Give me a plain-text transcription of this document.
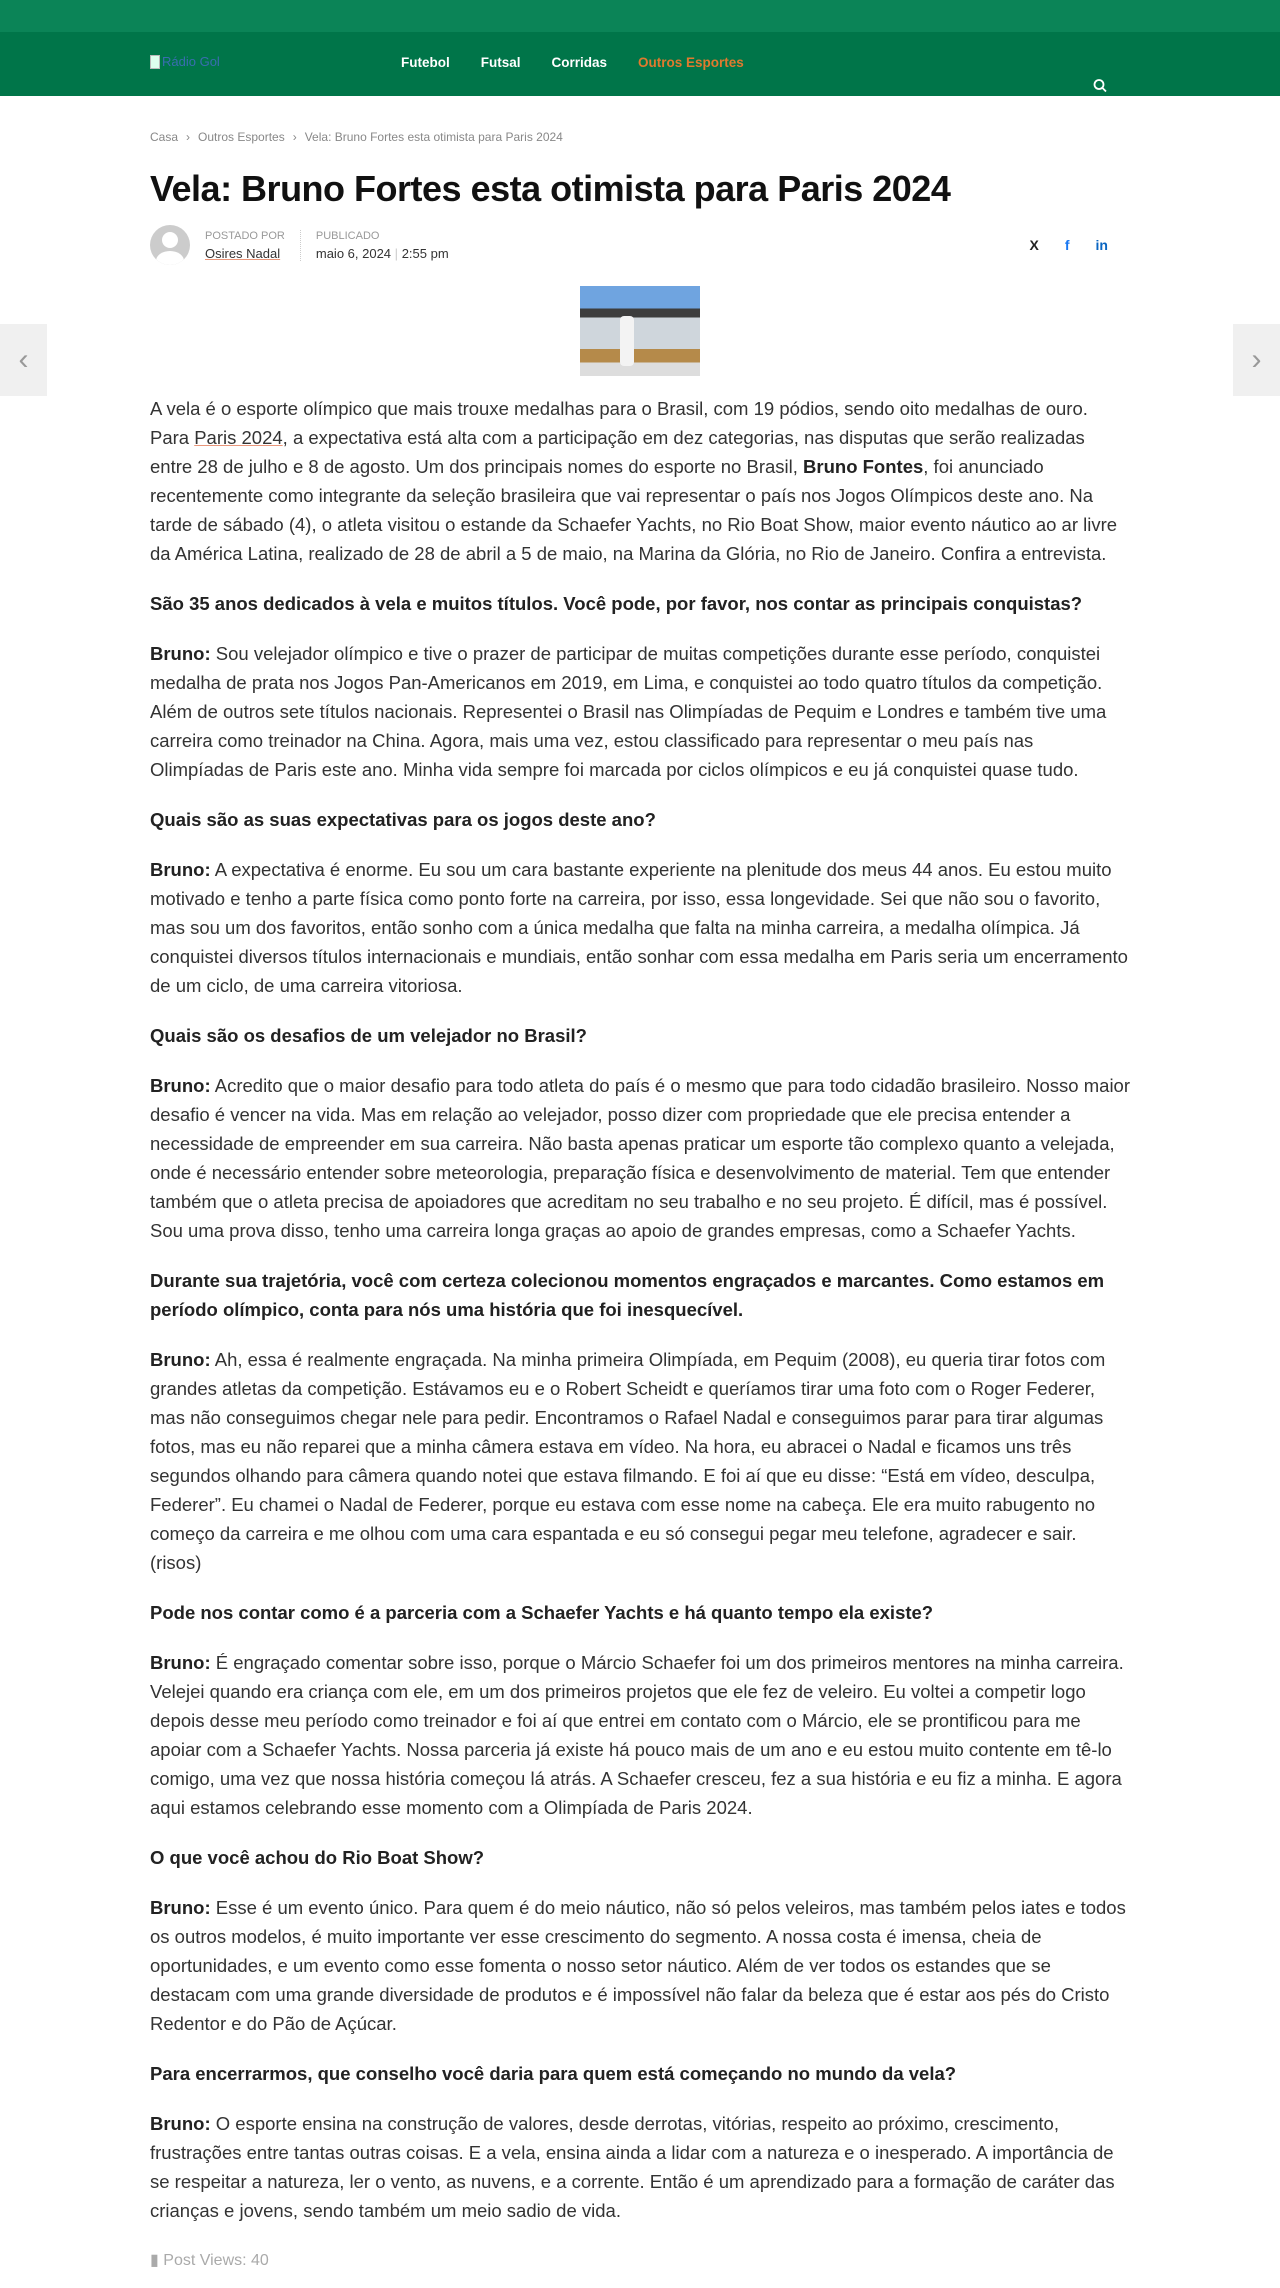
Rádio Gol	Futebol Futsal Corridas Outros Esportes
Casa › Outros Esportes › Vela: Bruno Fortes esta otimista para Paris 2024
Vela: Bruno Fortes esta otimista para Paris 2024
POSTADO POR
Osires Nadal
PUBLICADO
maio 6, 2024 | 2:55 pm	X f in
‹	›

A vela é o esporte olímpico que mais trouxe medalhas para o Brasil, com 19 pódios, sendo oito medalhas de ouro. Para Paris 2024, a expectativa está alta com a participação em dez categorias, nas disputas que serão realizadas entre 28 de julho e 8 de agosto. Um dos principais nomes do esporte no Brasil, Bruno Fontes, foi anunciado recentemente como integrante da seleção brasileira que vai representar o país nos Jogos Olímpicos deste ano. Na tarde de sábado (4), o atleta visitou o estande da Schaefer Yachts, no Rio Boat Show, maior evento náutico ao ar livre da América Latina, realizado de 28 de abril a 5 de maio, na Marina da Glória, no Rio de Janeiro. Confira a entrevista.

São 35 anos dedicados à vela e muitos títulos. Você pode, por favor, nos contar as principais conquistas?

Bruno: Sou velejador olímpico e tive o prazer de participar de muitas competições durante esse período, conquistei medalha de prata nos Jogos Pan-Americanos em 2019, em Lima, e conquistei ao todo quatro títulos da competição. Além de outros sete títulos nacionais. Representei o Brasil nas Olimpíadas de Pequim e Londres e também tive uma carreira como treinador na China. Agora, mais uma vez, estou classificado para representar o meu país nas Olimpíadas de Paris este ano. Minha vida sempre foi marcada por ciclos olímpicos e eu já conquistei quase tudo.

Quais são as suas expectativas para os jogos deste ano?

Bruno: A expectativa é enorme. Eu sou um cara bastante experiente na plenitude dos meus 44 anos. Eu estou muito motivado e tenho a parte física como ponto forte na carreira, por isso, essa longevidade. Sei que não sou o favorito, mas sou um dos favoritos, então sonho com a única medalha que falta na minha carreira, a medalha olímpica. Já conquistei diversos títulos internacionais e mundiais, então sonhar com essa medalha em Paris seria um encerramento de um ciclo, de uma carreira vitoriosa.

Quais são os desafios de um velejador no Brasil?

Bruno: Acredito que o maior desafio para todo atleta do país é o mesmo que para todo cidadão brasileiro. Nosso maior desafio é vencer na vida. Mas em relação ao velejador, posso dizer com propriedade que ele precisa entender a necessidade de empreender em sua carreira. Não basta apenas praticar um esporte tão complexo quanto a velejada, onde é necessário entender sobre meteorologia, preparação física e desenvolvimento de material. Tem que entender também que o atleta precisa de apoiadores que acreditam no seu trabalho e no seu projeto. É difícil, mas é possível. Sou uma prova disso, tenho uma carreira longa graças ao apoio de grandes empresas, como a Schaefer Yachts.

Durante sua trajetória, você com certeza colecionou momentos engraçados e marcantes. Como estamos em período olímpico, conta para nós uma história que foi inesquecível.

Bruno: Ah, essa é realmente engraçada. Na minha primeira Olimpíada, em Pequim (2008), eu queria tirar fotos com grandes atletas da competição. Estávamos eu e o Robert Scheidt e queríamos tirar uma foto com o Roger Federer, mas não conseguimos chegar nele para pedir. Encontramos o Rafael Nadal e conseguimos parar para tirar algumas fotos, mas eu não reparei que a minha câmera estava em vídeo. Na hora, eu abracei o Nadal e ficamos uns três segundos olhando para câmera quando notei que estava filmando. E foi aí que eu disse: “Está em vídeo, desculpa, Federer”. Eu chamei o Nadal de Federer, porque eu estava com esse nome na cabeça. Ele era muito rabugento no começo da carreira e me olhou com uma cara espantada e eu só consegui pegar meu telefone, agradecer e sair. (risos)

Pode nos contar como é a parceria com a Schaefer Yachts e há quanto tempo ela existe?

Bruno: É engraçado comentar sobre isso, porque o Márcio Schaefer foi um dos primeiros mentores na minha carreira. Velejei quando era criança com ele, em um dos primeiros projetos que ele fez de veleiro. Eu voltei a competir logo depois desse meu período como treinador e foi aí que entrei em contato com o Márcio, ele se prontificou para me apoiar com a Schaefer Yachts. Nossa parceria já existe há pouco mais de um ano e eu estou muito contente em tê-lo comigo, uma vez que nossa história começou lá atrás. A Schaefer cresceu, fez a sua história e eu fiz a minha. E agora aqui estamos celebrando esse momento com a Olimpíada de Paris 2024.

O que você achou do Rio Boat Show?

Bruno: Esse é um evento único. Para quem é do meio náutico, não só pelos veleiros, mas também pelos iates e todos os outros modelos, é muito importante ver esse crescimento do segmento. A nossa costa é imensa, cheia de oportunidades, e um evento como esse fomenta o nosso setor náutico. Além de ver todos os estandes que se destacam com uma grande diversidade de produtos e é impossível não falar da beleza que é estar aos pés do Cristo Redentor e do Pão de Açúcar.

Para encerrarmos, que conselho você daria para quem está começando no mundo da vela?

Bruno: O esporte ensina na construção de valores, desde derrotas, vitórias, respeito ao próximo, crescimento, frustrações entre tantas outras coisas. E a vela, ensina ainda a lidar com a natureza e o inesperado. A importância de se respeitar a natureza, ler o vento, as nuvens, e a corrente. Então é um aprendizado para a formação de caráter das crianças e jovens, sendo também um meio sadio de vida.

▮ Post Views: 40
